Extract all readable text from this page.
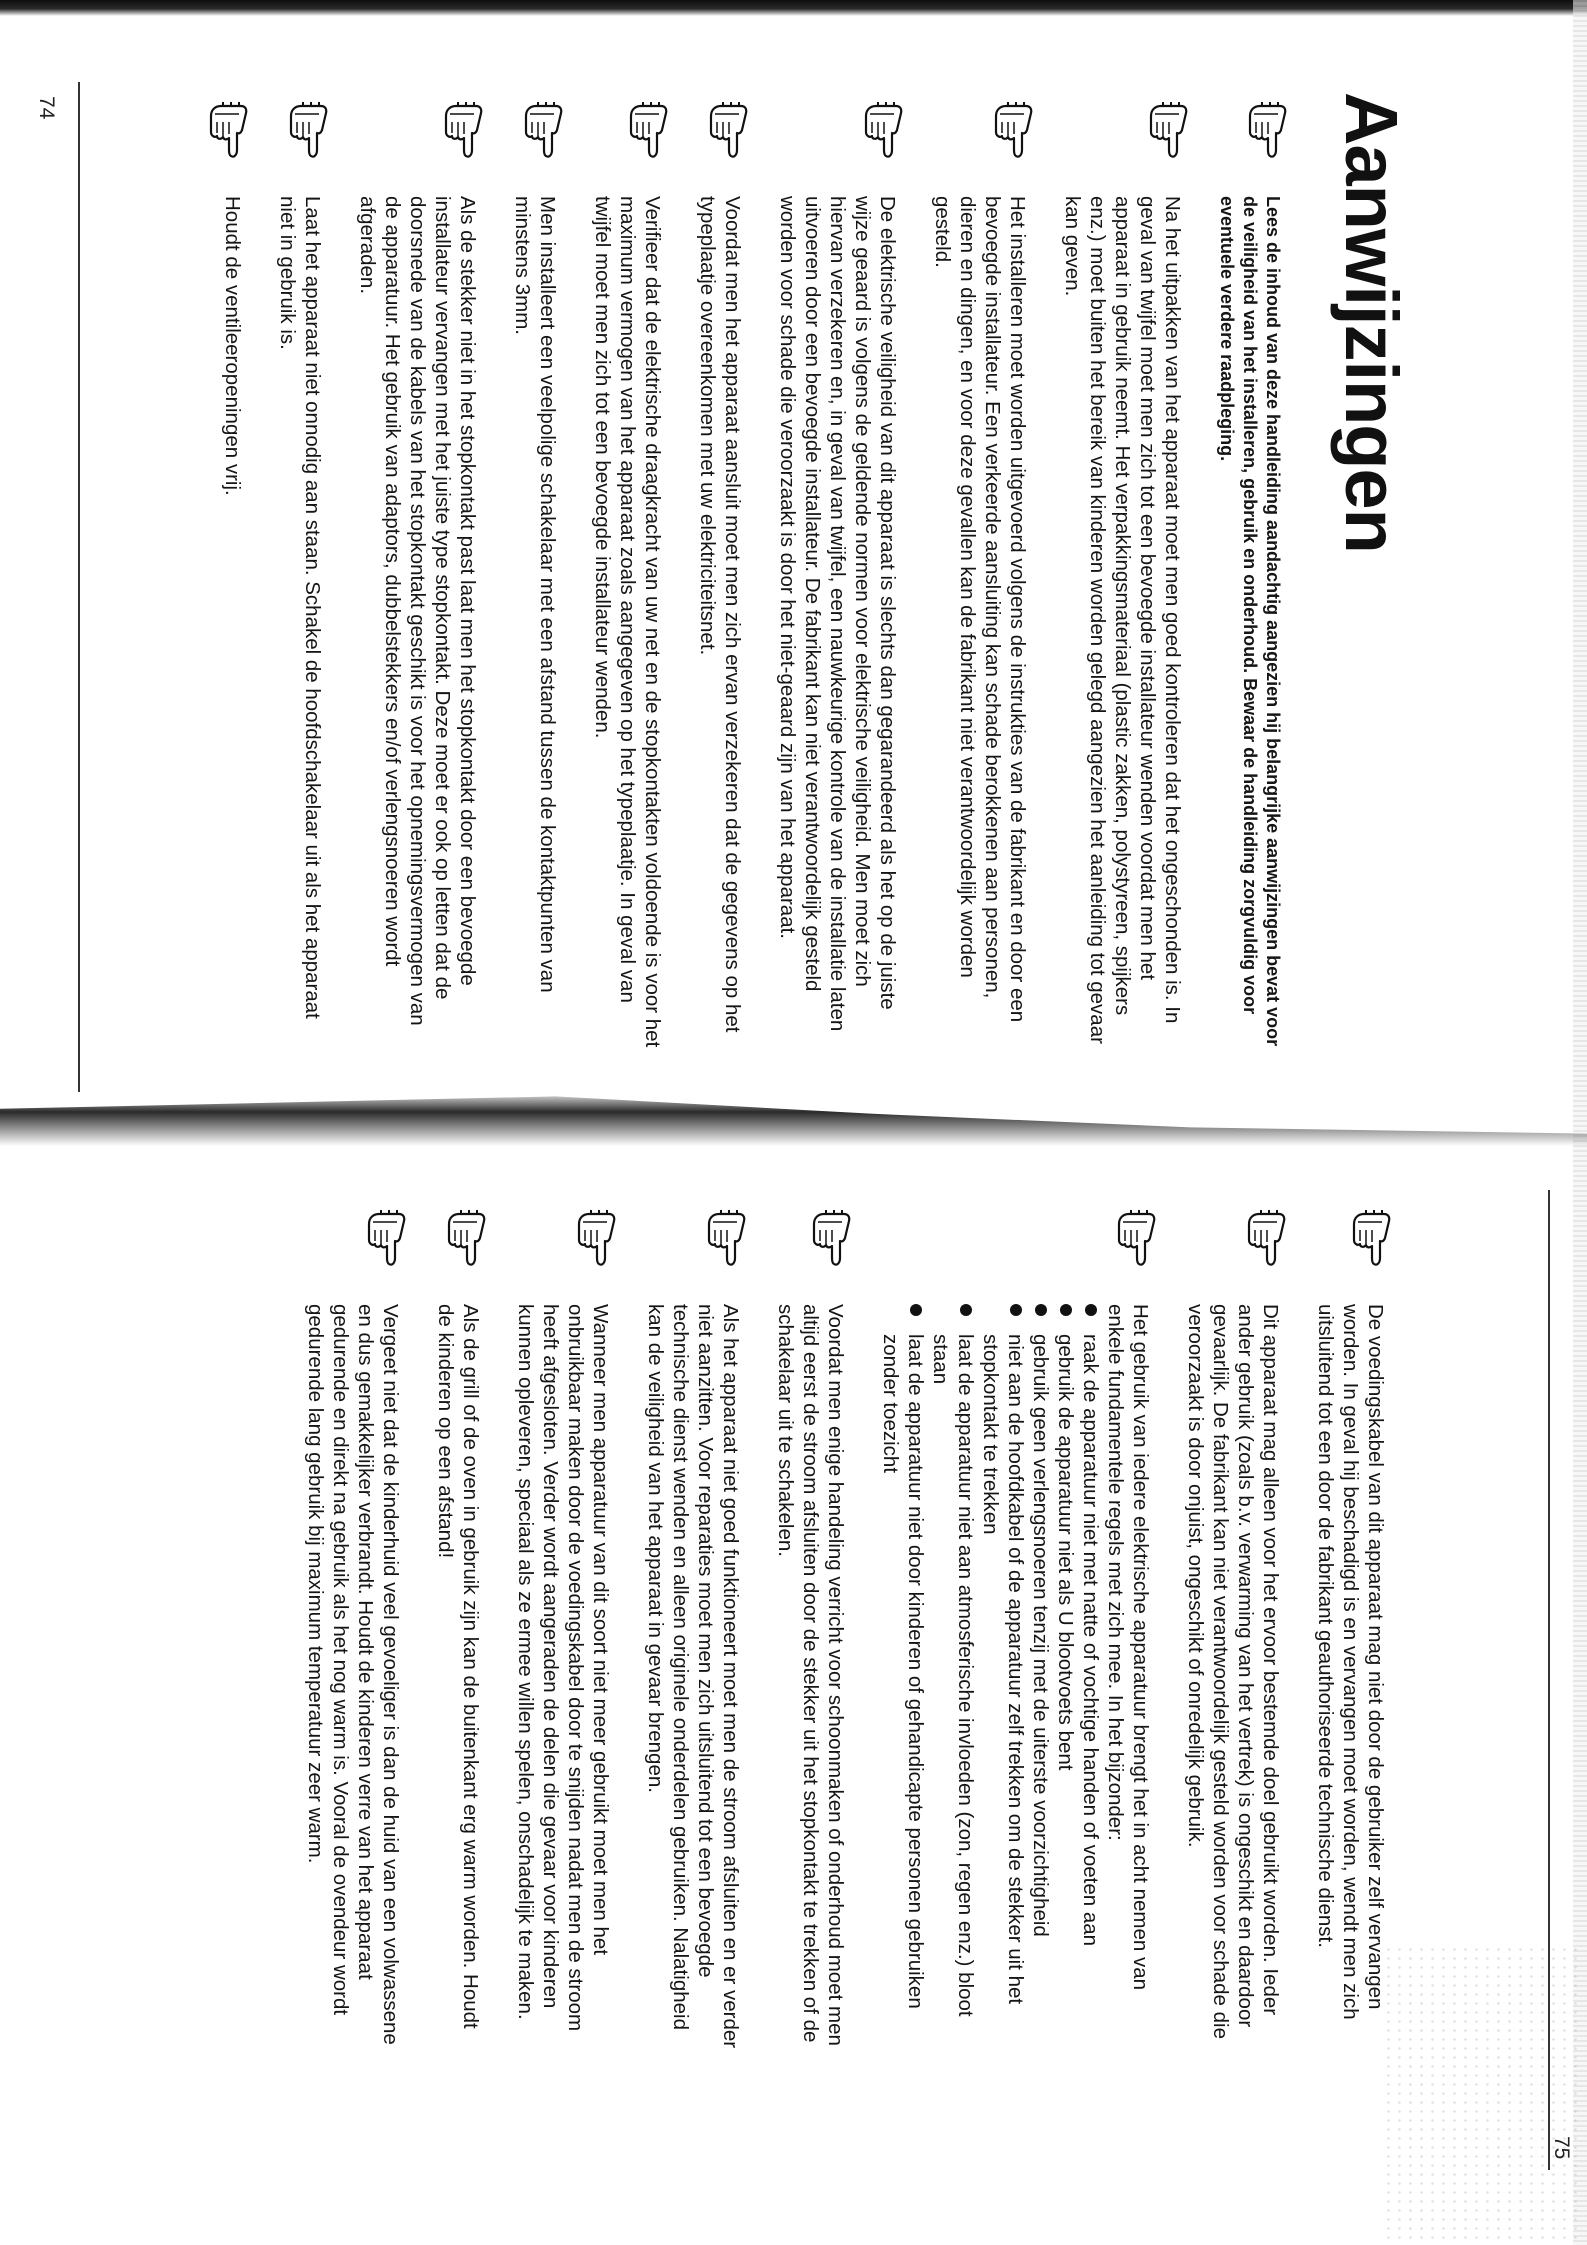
74
75
Aanwijzingen

Lees de inhoud van deze handleiding aandachtig aangezien hij belangrijke aanwijzingen bevat voor de veiligheid van het installeren, gebruik en onderhoud. Bewaar de handleiding zorgvuldig voor eventuele verdere raadpleging.

Na het uitpakken van het apparaat moet men goed kontroleren dat het ongeschonden is. In geval van twijfel moet men zich tot een bevoegde installateur wenden voordat men het apparaat in gebruik neemt. Het verpakkingsmateriaal (plastic zakken, polystyreen, spijkers enz.) moet buiten het bereik van kinderen worden gelegd aangezien het aanleiding tot gevaar kan geven.

Het installeren moet worden uitgevoerd volgens de instrukties van de fabrikant en door een bevoegde installateur. Een verkeerde aansluiting kan schade berokkenen aan personen, dieren en dingen, en voor deze gevallen kan de fabrikant niet verantwoordelijk worden gesteld.

De elektrische veiligheid van dit apparaat is slechts dan gegarandeerd als het op de juiste wijze geaard is volgens de geldende normen voor elektrische veiligheid. Men moet zich hiervan verzekeren en, in geval van twijfel, een nauwkeurige kontrole van de installatie laten uitvoeren door een bevoegde installateur. De fabrikant kan niet verantwoordelijk gesteld worden voor schade die veroorzaakt is door het niet-geaard zijn van het apparaat.

Voordat men het apparaat aansluit moet men zich ervan verzekeren dat de gegevens op het typeplaatje overeenkomen met uw elektriciteitsnet.

Verifieer dat de elektrische draagkracht van uw net en de stopkontakten voldoende is voor het maximum vermogen van het apparaat zoals aangegeven op het typeplaatje. In geval van twijfel moet men zich tot een bevoegde installateur wenden.

Men installeert een veelpolige schakelaar met een afstand tussen de kontaktpunten van minstens 3mm.

Als de stekker niet in het stopkontakt past laat men het stopkontakt door een bevoegde installateur vervangen met het juiste type stopkontakt. Deze moet er ook op letten dat de doorsnede van de kabels van het stopkontakt geschikt is voor het opnemingsvermogen van de apparatuur. Het gebruik van adaptors, dubbelstekkers en/of verlengsnoeren wordt afgeraden.

Laat het apparaat niet onnodig aan staan. Schakel de hoofdschakelaar uit als het apparaat niet in gebruik is.

Houdt de ventileeropeningen vrij.

De voedingskabel van dit apparaat mag niet door de gebruiker zelf vervangen worden. In geval hij beschadigd is en vervangen moet worden, wendt men zich uitsluitend tot een door de fabrikant geauthoriseerde technische dienst.

Dit apparaat mag alleen voor het ervoor bestemde doel gebruikt worden. Ieder ander gebruik (zoals b.v. verwarming van het vertrek) is ongeschikt en daardoor gevaarlijk. De fabrikant kan niet verantwoordelijk gesteld worden voor schade die veroorzaakt is door onjuist, ongeschikt of onredelijk gebruik.

Het gebruik van iedere elektrische apparatuur brengt het in acht nemen van enkele fundamentele regels met zich mee. In het bijzonder:

raak de apparatuur niet met natte of vochtige handen of voeten aan
gebruik de apparatuur niet als U blootvoets bent
gebruik geen verlengsnoeren tenzij met de uiterste voorzichtigheid
niet aan de hoofdkabel of de apparatuur zelf trekken om de stekker uit het stopkontakt te trekken
laat de apparatuur niet aan atmosferische invloeden (zon, regen enz.) bloot staan
laat de apparatuur niet door kinderen of gehandicapte personen gebruiken zonder toezicht

Voordat men enige handeling verricht voor schoonmaken of onderhoud moet men altijd eerst de stroom afsluiten door de stekker uit het stopkontakt te trekken of de schakelaar uit te schakelen.

Als het apparaat niet goed funktioneert moet men de stroom afsluiten en er verder niet aanzitten. Voor reparaties moet men zich uitsluitend tot een bevoegde technische dienst wenden en alleen originele onderdelen gebruiken. Nalatigheid kan de veiligheid van het apparaat in gevaar brengen.

Wanneer men apparatuur van dit soort niet meer gebruikt moet men het onbruikbaar maken door de voedingskabel door te snijden nadat men de stroom heeft afgesloten. Verder wordt aangeraden de delen die gevaar voor kinderen kunnen opleveren, speciaal als ze ermee willen spelen, onschadelijk te maken.

Als de grill of de oven in gebruik zijn kan de buitenkant erg warm worden. Houdt de kinderen op een afstand!

Vergeet niet dat de kinderhuid veel gevoeliger is dan de huid van een volwassene en dus gemakkelijker verbrandt. Houdt de kinderen verre van het apparaat gedurende en direkt na gebruik als het nog warm is. Vooral de ovendeur wordt gedurende lang gebruik bij maximum temperatuur zeer warm.
